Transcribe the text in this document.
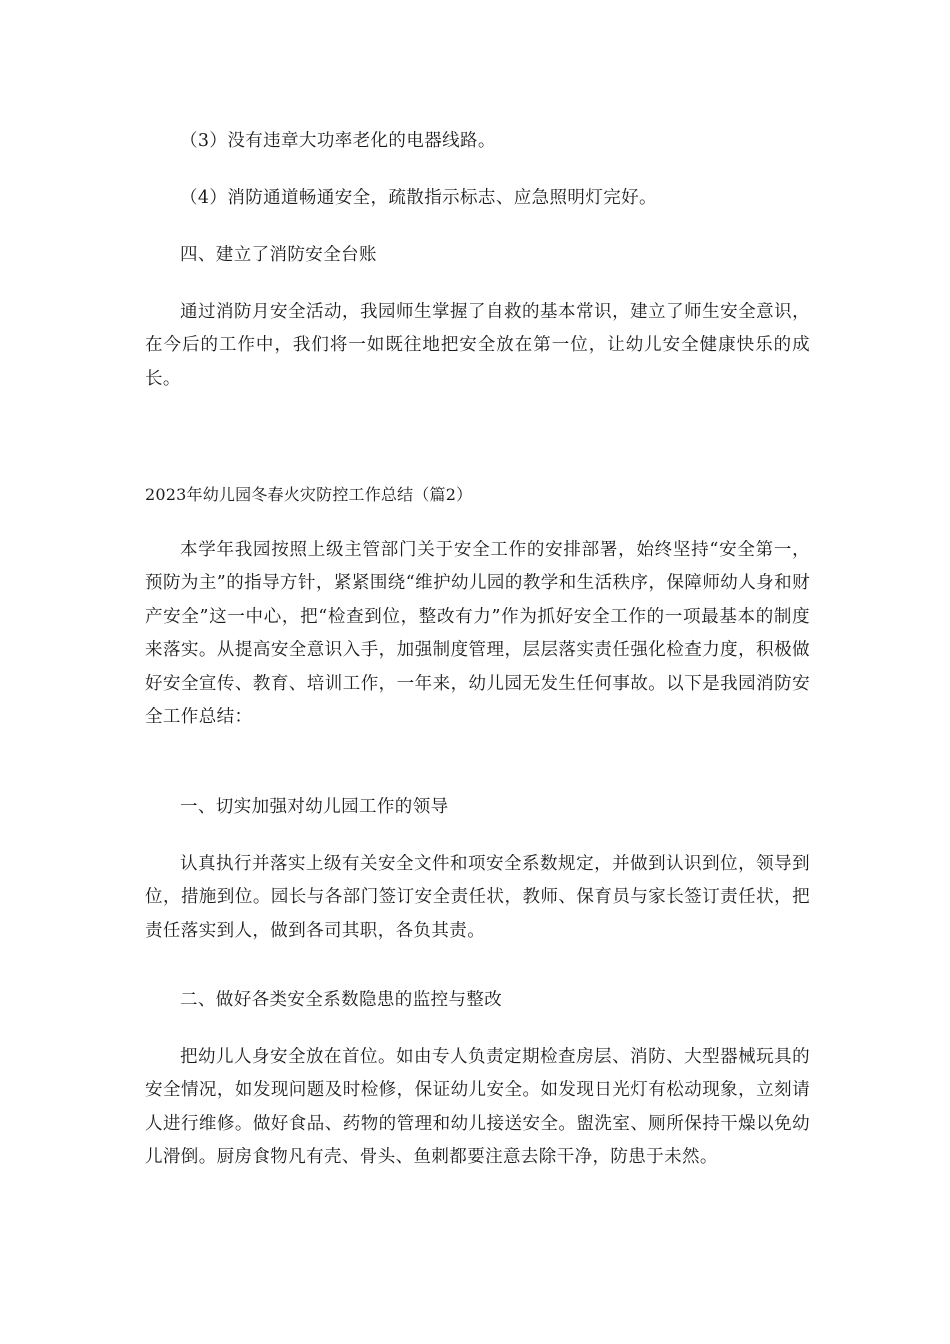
（3）没有违章大功率老化的电器线路。

（4）消防通道畅通安全，疏散指示标志、应急照明灯完好。

四、建立了消防安全台账

通过消防月安全活动，我园师生掌握了自救的基本常识，建立了师生安全意识，在今后的工作中，我们将一如既往地把安全放在第一位，让幼儿安全健康快乐的成长。

2023年幼儿园冬春火灾防控工作总结（篇2）

本学年我园按照上级主管部门关于安全工作的安排部署，始终坚持“安全第一，预防为主”的指导方针，紧紧围绕“维护幼儿园的教学和生活秩序，保障师幼人身和财产安全”这一中心，把“检查到位，整改有力”作为抓好安全工作的一项最基本的制度来落实。从提高安全意识入手，加强制度管理，层层落实责任强化检查力度，积极做好安全宣传、教育、培训工作，一年来，幼儿园无发生任何事故。以下是我园消防安全工作总结：

一、切实加强对幼儿园工作的领导

认真执行并落实上级有关安全文件和项安全系数规定，并做到认识到位，领导到位，措施到位。园长与各部门签订安全责任状，教师、保育员与家长签订责任状，把责任落实到人，做到各司其职，各负其责。

二、做好各类安全系数隐患的监控与整改

把幼儿人身安全放在首位。如由专人负责定期检查房层、消防、大型器械玩具的安全情况，如发现问题及时检修，保证幼儿安全。如发现日光灯有松动现象，立刻请人进行维修。做好食品、药物的管理和幼儿接送安全。盥洗室、厕所保持干燥以免幼儿滑倒。厨房食物凡有壳、骨头、鱼刺都要注意去除干净，防患于未然。
